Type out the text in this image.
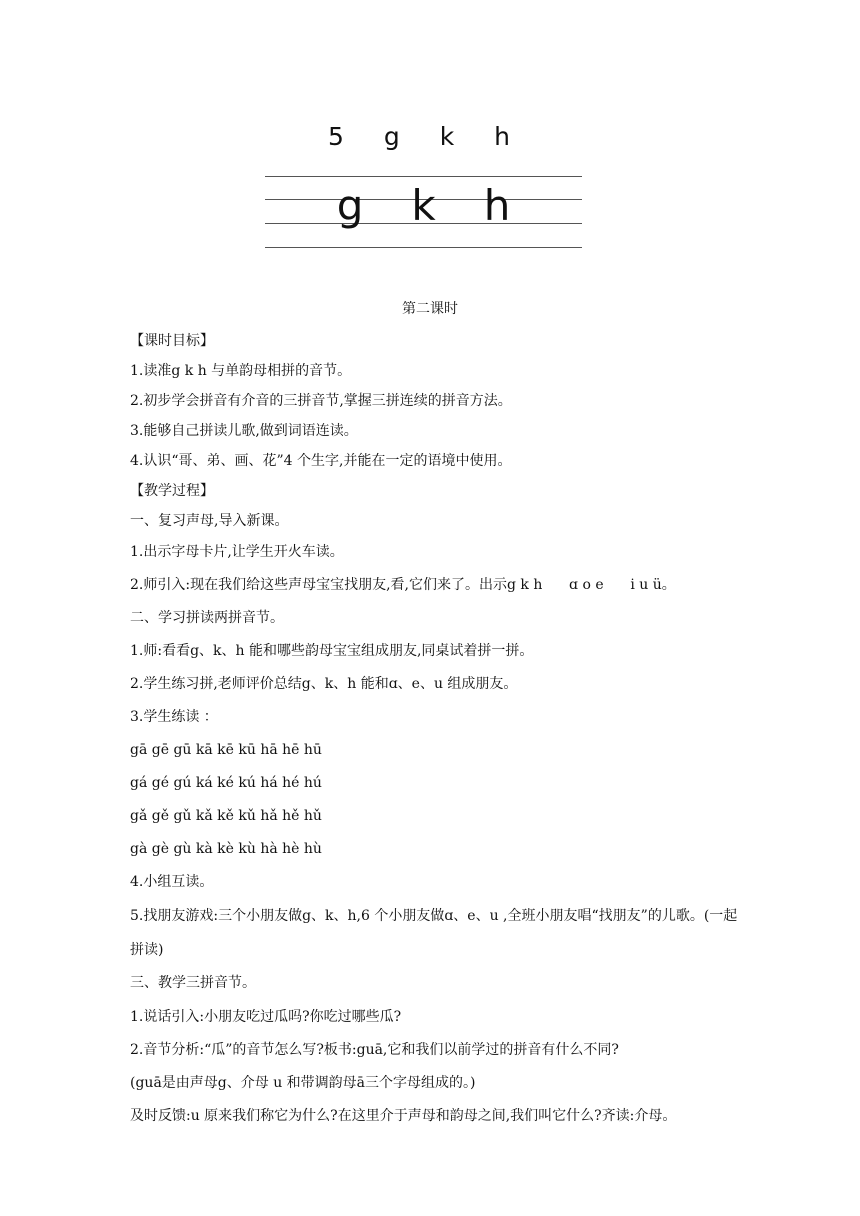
5 g k h
g k h
第二课时
【课时目标】
1.读准g k h 与单韵母相拼的音节。
2.初步学会拼音有介音的三拼音节,掌握三拼连续的拼音方法。
3.能够自己拼读儿歌,做到词语连读。
4.认识“哥、弟、画、花”4 个生字,并能在一定的语境中使用。
【教学过程】
一、复习声母,导入新课。
1.出示字母卡片,让学生开火车读。
2.师引入:现在我们给这些声母宝宝找朋友,看,它们来了。出示g k h      ɑ o e      i u ü。
二、学习拼读两拼音节。
1.师:看看g、k、h 能和哪些韵母宝宝组成朋友,同桌试着拼一拼。
2.学生练习拼,老师评价总结g、k、h 能和ɑ、e、u 组成朋友。
3.学生练读 ：
gā gē gū kā kē kū hā hē hū
gá gé gú ká ké kú há hé hú
gǎ gě gǔ kǎ kě kǔ hǎ hě hǔ
gà gè gù kà kè kù hà hè hù
4.小组互读。
5.找朋友游戏:三个小朋友做g、k、h,6 个小朋友做ɑ、e、u ,全班小朋友唱“找朋友”的儿歌。(一起拼读)
三、教学三拼音节。
1.说话引入:小朋友吃过瓜吗?你吃过哪些瓜?
2.音节分析:“瓜”的音节怎么写?板书:guā,它和我们以前学过的拼音有什么不同?
(guā是由声母g、介母 u 和带调韵母ā三个字母组成的。)
及时反馈:u 原来我们称它为什么?在这里介于声母和韵母之间,我们叫它什么?齐读:介母。
